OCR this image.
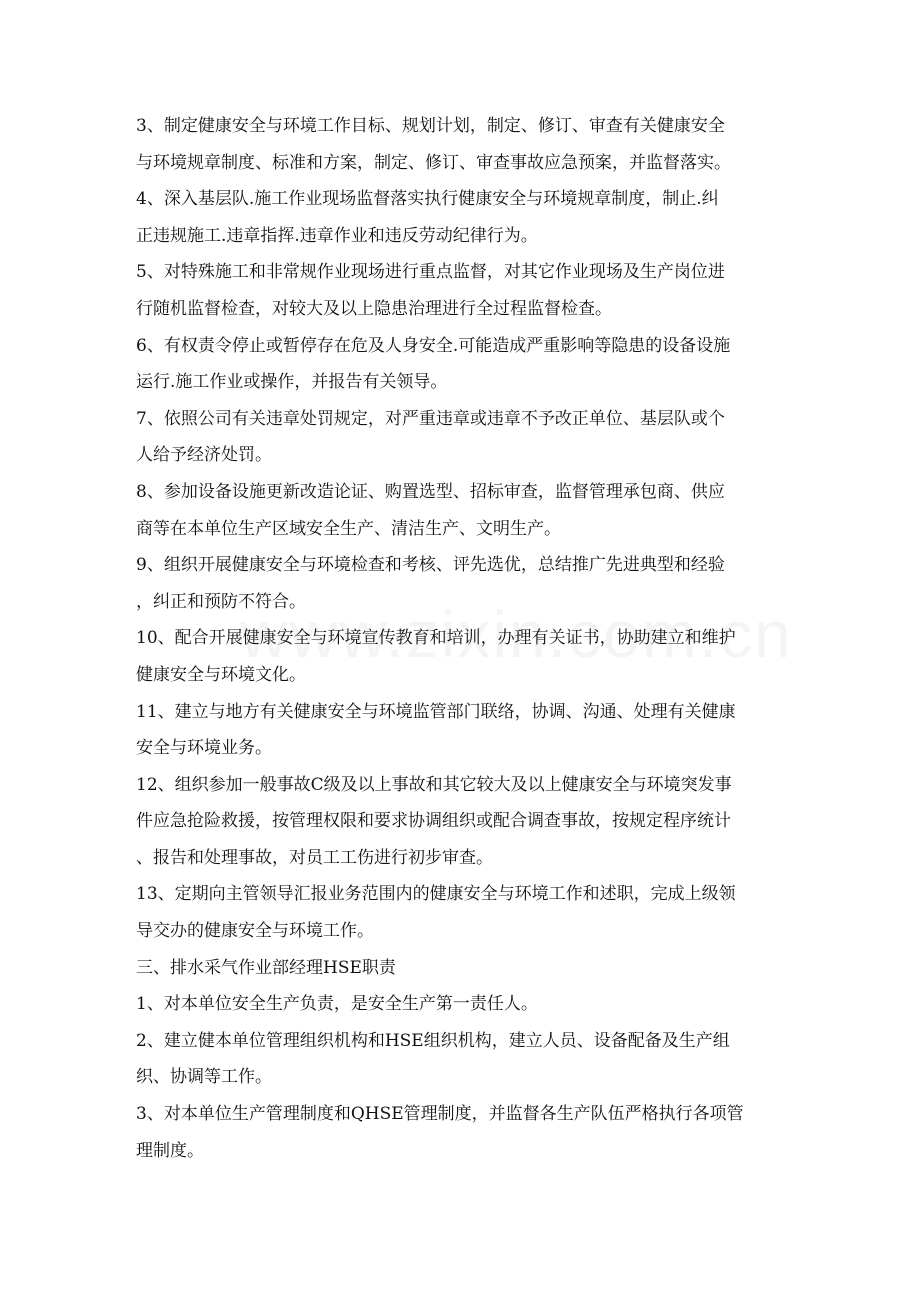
3、制定健康安全与环境工作目标、规划计划，制定、修订、审查有关健康安全
与环境规章制度、标准和方案，制定、修订、审查事故应急预案，并监督落实。
4、深入基层队.施工作业现场监督落实执行健康安全与环境规章制度，制止.纠
正违规施工.违章指挥.违章作业和违反劳动纪律行为。
5、对特殊施工和非常规作业现场进行重点监督，对其它作业现场及生产岗位进
行随机监督检查，对较大及以上隐患治理进行全过程监督检查。
6、有权责令停止或暂停存在危及人身安全.可能造成严重影响等隐患的设备设施
运行.施工作业或操作，并报告有关领导。
7、依照公司有关违章处罚规定，对严重违章或违章不予改正单位、基层队或个
人给予经济处罚。
8、参加设备设施更新改造论证、购置选型、招标审查，监督管理承包商、供应
商等在本单位生产区域安全生产、清洁生产、文明生产。
9、组织开展健康安全与环境检查和考核、评先选优，总结推广先进典型和经验
，纠正和预防不符合。
10、配合开展健康安全与环境宣传教育和培训，办理有关证书，协助建立和维护
健康安全与环境文化。
11、建立与地方有关健康安全与环境监管部门联络，协调、沟通、处理有关健康
安全与环境业务。
12、组织参加一般事故C级及以上事故和其它较大及以上健康安全与环境突发事
件应急抢险救援，按管理权限和要求协调组织或配合调查事故，按规定程序统计
、报告和处理事故，对员工工伤进行初步审查。
13、定期向主管领导汇报业务范围内的健康安全与环境工作和述职，完成上级领
导交办的健康安全与环境工作。
三、排水采气作业部经理HSE职责
1、对本单位安全生产负责，是安全生产第一责任人。
2、建立健本单位管理组织机构和HSE组织机构，建立人员、设备配备及生产组
织、协调等工作。
3、对本单位生产管理制度和QHSE管理制度，并监督各生产队伍严格执行各项管
理制度。
